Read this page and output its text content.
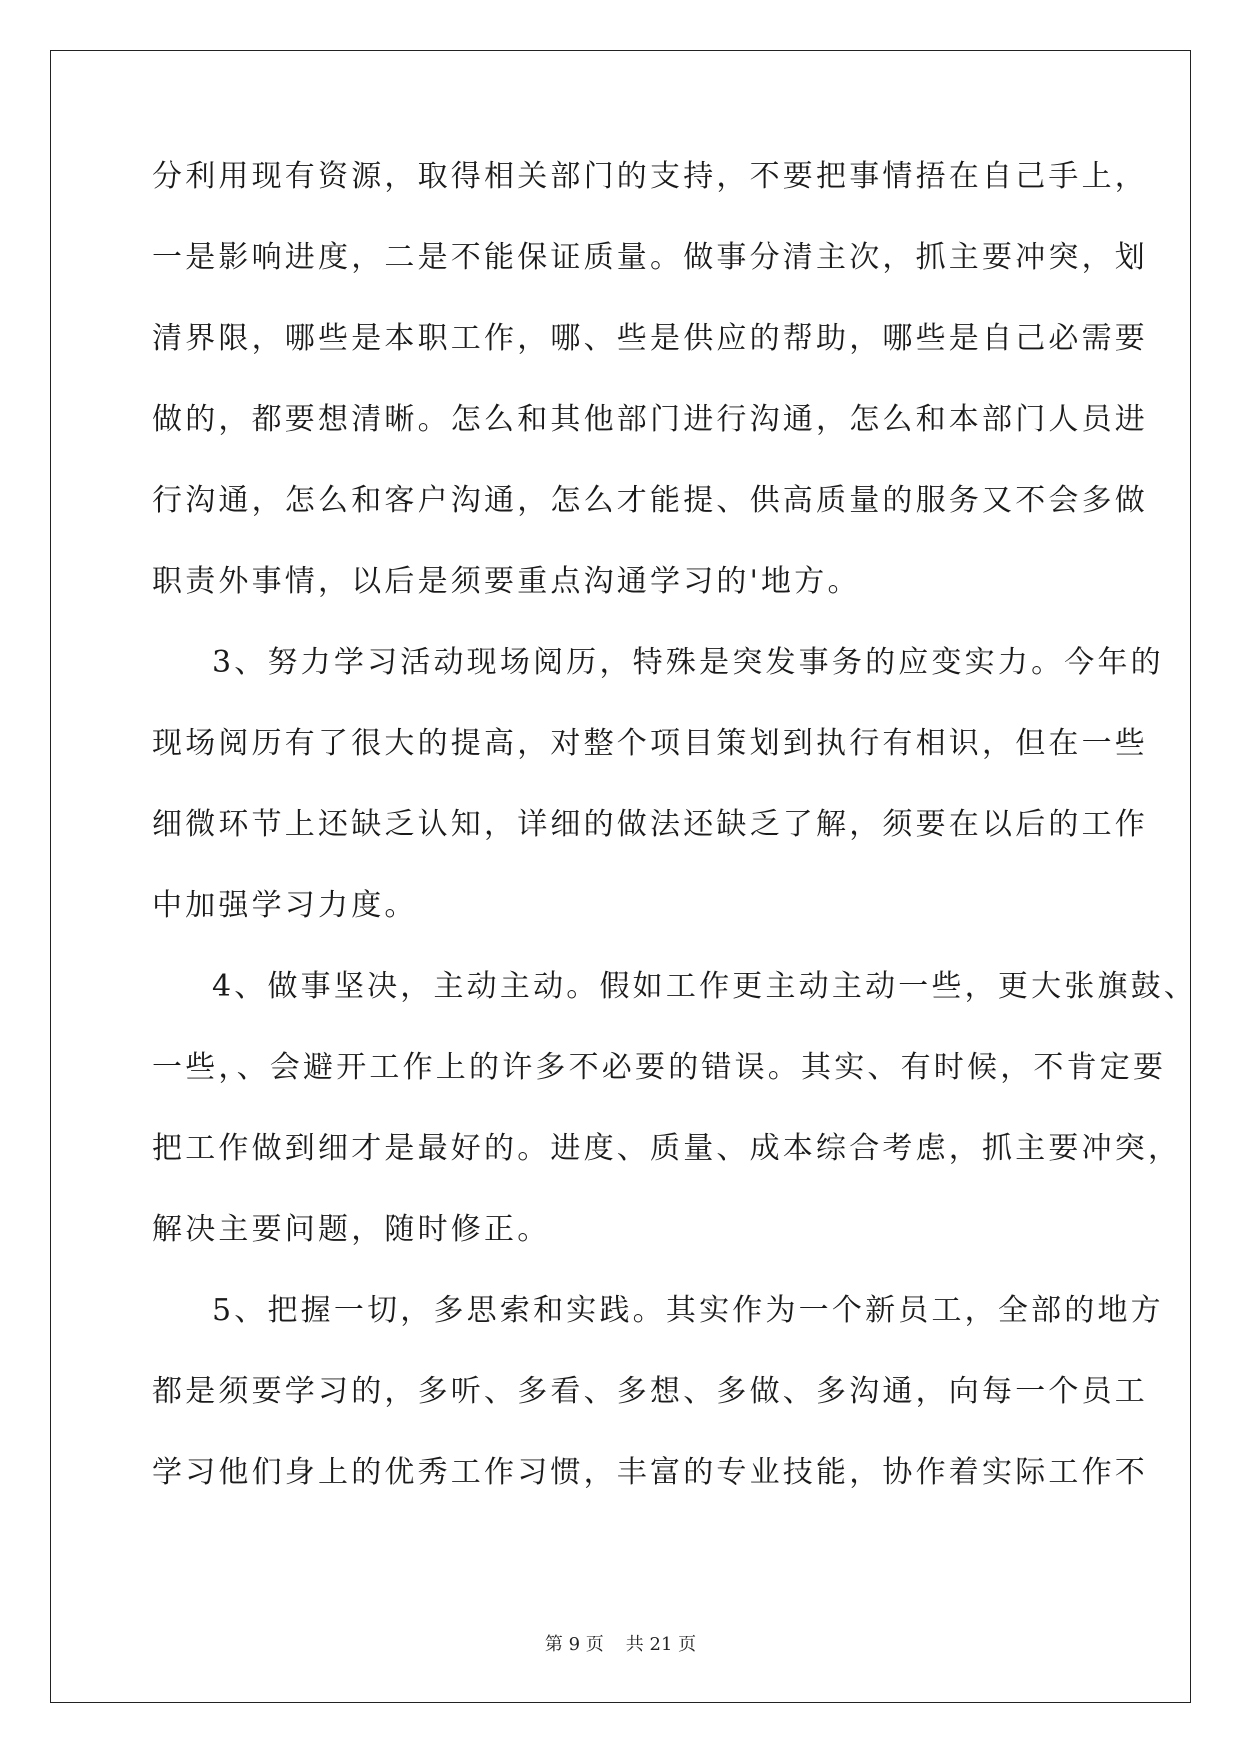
分利用现有资源，取得相关部门的支持，不要把事情捂在自己手上，
一是影响进度，二是不能保证质量。做事分清主次，抓主要冲突，划
清界限，哪些是本职工作，哪、些是供应的帮助，哪些是自己必需要
做的，都要想清晰。怎么和其他部门进行沟通，怎么和本部门人员进
行沟通，怎么和客户沟通，怎么才能提、供高质量的服务又不会多做
职责外事情，以后是须要重点沟通学习的'地方。
3、努力学习活动现场阅历，特殊是突发事务的应变实力。今年的
现场阅历有了很大的提高，对整个项目策划到执行有相识，但在一些
细微环节上还缺乏认知，详细的做法还缺乏了解，须要在以后的工作
中加强学习力度。
4、做事坚决，主动主动。假如工作更主动主动一些，更大张旗鼓、
一些，、会避开工作上的许多不必要的错误。其实、有时候，不肯定要
把工作做到细才是最好的。进度、质量、成本综合考虑，抓主要冲突，
解决主要问题，随时修正。
5、把握一切，多思索和实践。其实作为一个新员工，全部的地方
都是须要学习的，多听、多看、多想、多做、多沟通，向每一个员工
学习他们身上的优秀工作习惯，丰富的专业技能，协作着实际工作不
第 9 页 共 21 页
